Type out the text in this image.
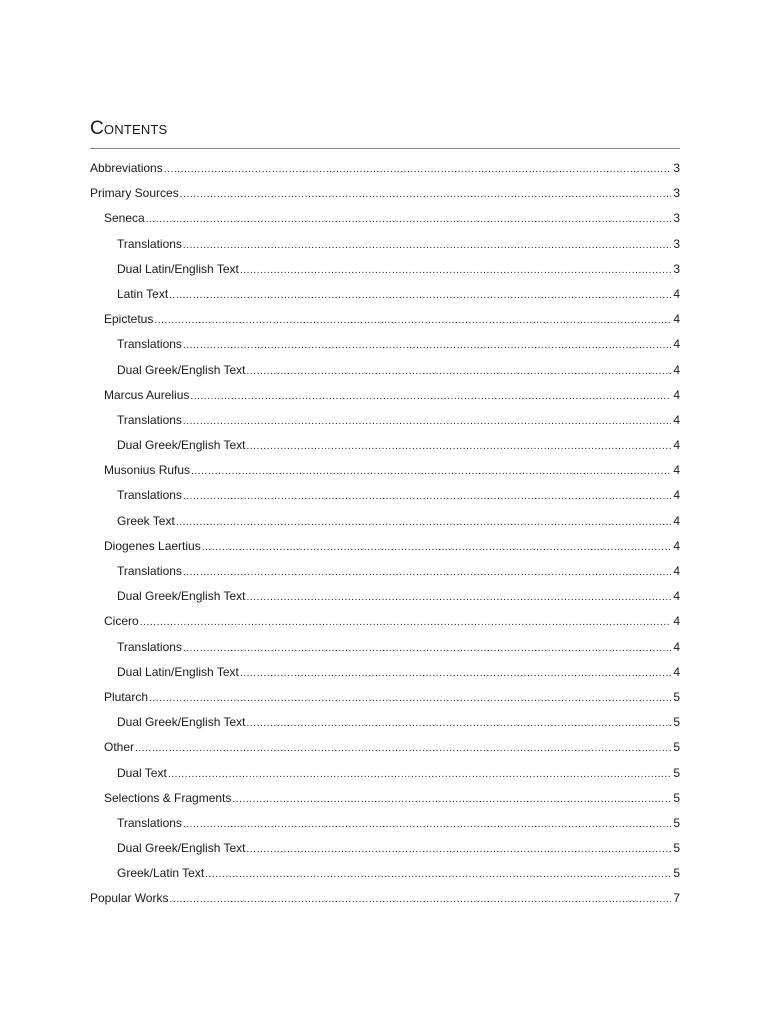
Contents
Abbreviations .....	3
Primary Sources .....	3
Seneca .....	3
Translations .....	3
Dual Latin/English Text .....	3
Latin Text .....	4
Epictetus .....	4
Translations .....	4
Dual Greek/English Text .....	4
Marcus Aurelius .....	4
Translations .....	4
Dual Greek/English Text .....	4
Musonius Rufus .....	4
Translations .....	4
Greek Text .....	4
Diogenes Laertius .....	4
Translations .....	4
Dual Greek/English Text .....	4
Cicero .....	4
Translations .....	4
Dual Latin/English Text .....	4
Plutarch .....	5
Dual Greek/English Text .....	5
Other .....	5
Dual Text .....	5
Selections & Fragments .....	5
Translations .....	5
Dual Greek/English Text .....	5
Greek/Latin Text .....	5
Popular Works .....	7
